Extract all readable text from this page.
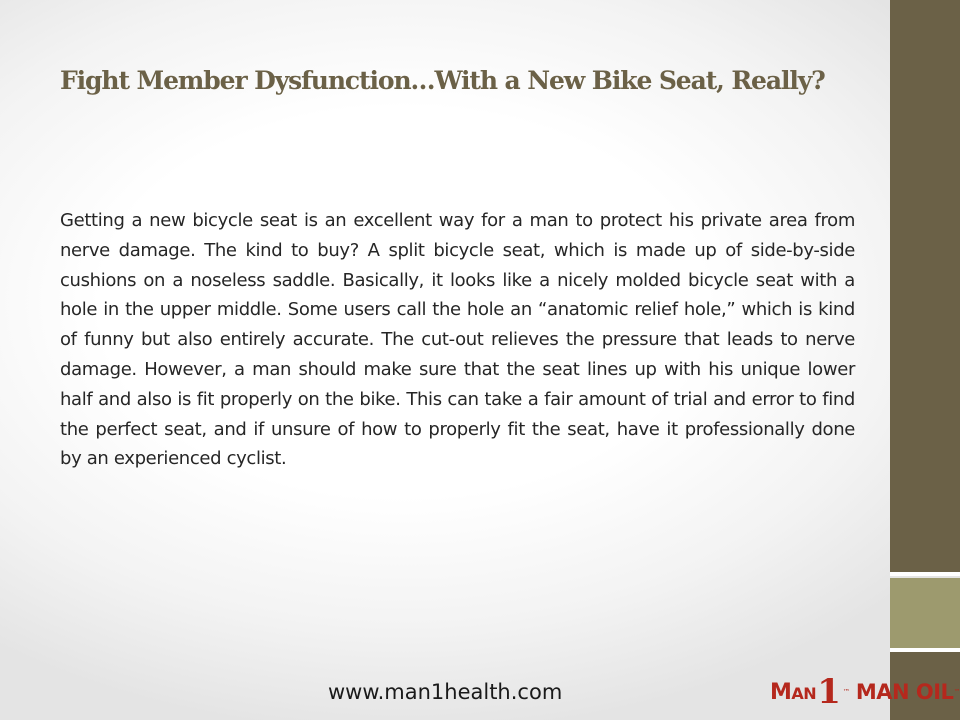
Fight Member Dysfunction…With a New Bike Seat, Really?

Getting a new bicycle seat is an excellent way for a man to protect his private area from nerve damage. The kind to buy? A split bicycle seat, which is made up of side-by-side cushions on a noseless saddle. Basically, it looks like a nicely molded bicycle seat with a hole in the upper middle. Some users call the hole an “anatomic relief hole,” which is kind of funny but also entirely accurate. The cut-out relieves the pressure that leads to nerve damage. However, a man should make sure that the seat lines up with his unique lower half and also is fit properly on the bike. This can take a fair amount of trial and error to find the perfect seat, and if unsure of how to properly fit the seat, have it professionally done by an experienced cyclist.

www.man1health.com	MAN 1 ™ MAN OIL ™
